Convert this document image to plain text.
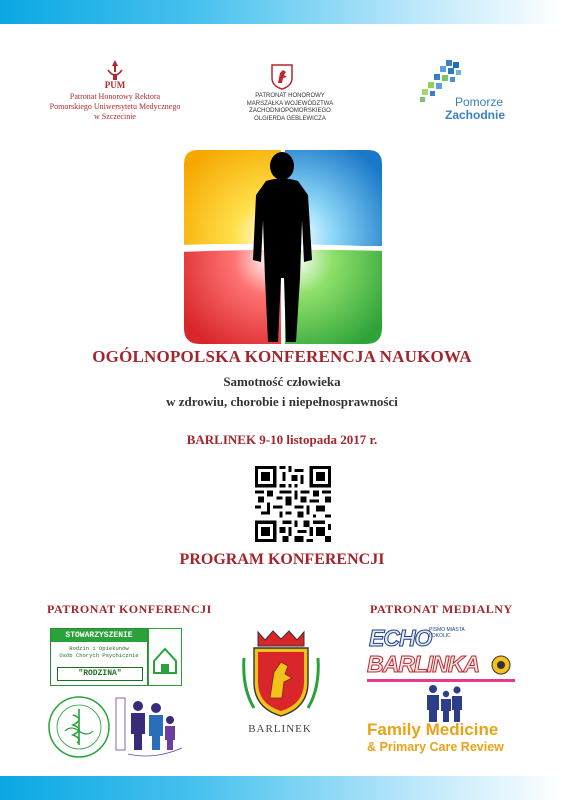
PUM
Patronat Honorowy Rektora
Pomorskiego Uniwersytetu Medycznego
w Szczecinie
PATRONAT HONOROWY
MARSZAŁKA WOJEWÓDZTWA
ZACHODNIOPOMORSKIEGO
OLGIERDA GEBLEWICZA
Pomorze
Zachodnie
OGÓLNOPOLSKA KONFERENCJA NAUKOWA
Samotność człowieka
w zdrowiu, chorobie i niepełnosprawności
BARLINEK 9-10 listopada 2017 r.
PROGRAM KONFERENCJI
PATRONAT KONFERENCJI	PATRONAT MEDIALNY
STOWARZYSZENIE
Rodzin i Opiekunów
Osób Chorych Psychicznie
"RODZINA"
BARLINEK
ECHO
PISMO MIASTA
I OKOLIC
BARLINKA
Family Medicine
& Primary Care Review
